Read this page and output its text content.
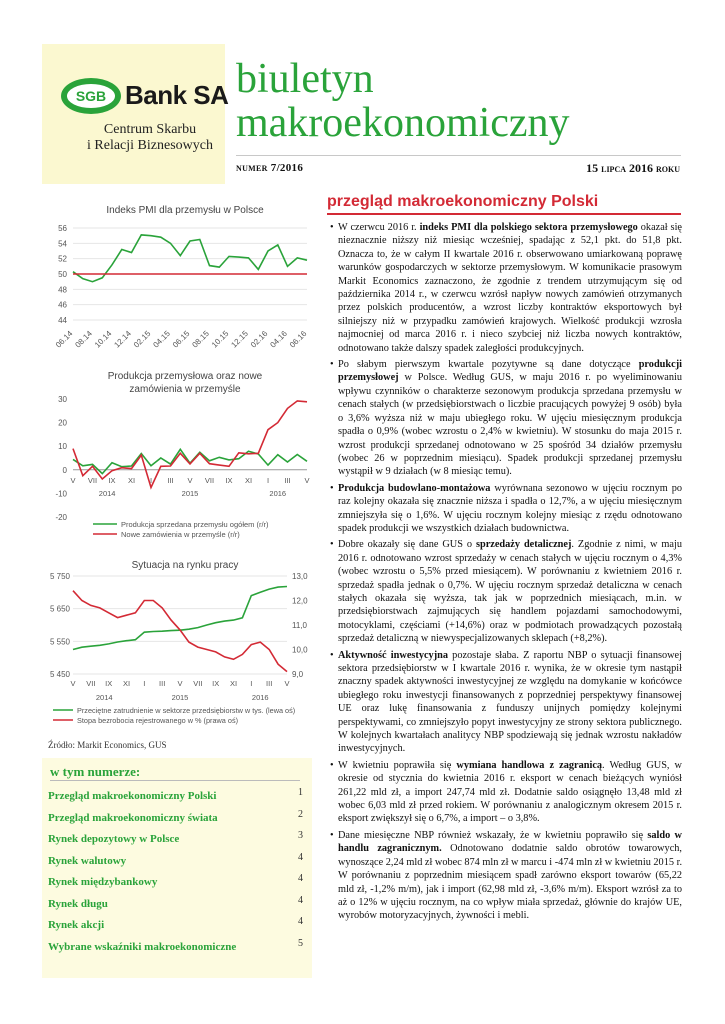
SGB Bank SA
Centrum Skarbu
i Relacji Biznesowych
biuletyn
makroekonomiczny
numer 7/2016	15 lipca 2016 roku
przegląd makroekonomiczny Polski
Indeks PMI dla przemysłu w Polsce
44
46
48
50
52
54
56
06.14
08.14
10.14
12.14
02.15
04.15
06.15
08.15
10.15
12.15
02.16
04.16
06.16
Produkcja przemysłowa oraz nowe
zamówienia w przemyśle
-20
-10
0
10
20
30
V VII IX XI I III V VII IX XI I III V
2014	2015	2016
Produkcja sprzedana przemysłu ogółem (r/r)
Nowe zamówienia w przemyśle (r/r)
Sytuacja na rynku pracy
5 450
5 550
5 650
5 750
9,0
10,0
11,0
12,0
13,0
V VII IX XI I III V VII IX XI I III V
2014	2015	2016
Przeciętne zatrudnienie w sektorze przedsiębiorstw w tys. (lewa oś)
Stopa bezrobocia rejestrowanego w % (prawa oś)
Źródło: Markit Economics, GUS
w tym numerze:
Przegląd makroekonomiczny Polski	1
Przegląd makroekonomiczny świata	2
Rynek depozytowy w Polsce	3
Rynek walutowy	4
Rynek międzybankowy	4
Rynek długu	4
Rynek akcji	4
Wybrane wskaźniki makroekonomiczne	5

• W czerwcu 2016 r. indeks PMI dla polskiego sektora przemysłowego okazał się nieznacznie niższy niż miesiąc wcześniej, spadając z 52,1 pkt. do 51,8 pkt. Oznacza to, że w całym II kwartale 2016 r. obserwowano umiarkowaną poprawę warunków gospodarczych w sektorze przemysłowym. W komunikacie prasowym Markit Economics zaznaczono, że zgodnie z trendem utrzymującym się od października 2014 r., w czerwcu wzrósł napływ nowych zamówień otrzymanych przez polskich producentów, a wzrost liczby kontraktów eksportowych był silniejszy niż w przypadku zamówień krajowych. Wielkość produkcji wzrosła najmocniej od marca 2016 r. i nieco szybciej niż liczba nowych kontraktów, odnotowano także dalszy spadek zaległości produkcyjnych.

• Po słabym pierwszym kwartale pozytywne są dane dotyczące produkcji przemysłowej w Polsce. Według GUS, w maju 2016 r. po wyeliminowaniu wpływu czynników o charakterze sezonowym produkcja sprzedana przemysłu w cenach stałych (w przedsiębiorstwach o liczbie pracujących powyżej 9 osób) była o 3,6% wyższa niż w maju ubiegłego roku. W ujęciu miesięcznym produkcja spadła o 0,9% (wobec wzrostu o 2,4% w kwietniu). W stosunku do maja 2015 r. wzrost produkcji sprzedanej odnotowano w 25 spośród 34 działów przemysłu (wobec 26 w poprzednim miesiącu). Spadek produkcji sprzedanej przemysłu wystąpił w 9 działach (w 8 miesiąc temu).

• Produkcja budowlano-montażowa wyrównana sezonowo w ujęciu rocznym po raz kolejny okazała się znacznie niższa i spadła o 12,7%, a w ujęciu miesięcznym zmniejszyła się o 1,6%. W ujęciu rocznym kolejny miesiąc z rzędu odnotowano spadek produkcji we wszystkich działach budownictwa.

• Dobre okazały się dane GUS o sprzedaży detalicznej. Zgodnie z nimi, w maju 2016 r. odnotowano wzrost sprzedaży w cenach stałych w ujęciu rocznym o 4,3% (wobec wzrostu o 5,5% przed miesiącem). W porównaniu z kwietniem 2016 r. sprzedaż spadła jednak o 0,7%. W ujęciu rocznym sprzedaż detaliczna w cenach stałych okazała się wyższa, tak jak w poprzednich miesiącach, m.in. w przedsiębiorstwach zajmujących się handlem pojazdami samochodowymi, motocyklami, częściami (+14,6%) oraz w podmiotach prowadzących pozostałą sprzedaż detaliczną w niewyspecjalizowanych sklepach (+8,2%).

• Aktywność inwestycyjna pozostaje słaba. Z raportu NBP o sytuacji finansowej sektora przedsiębiorstw w I kwartale 2016 r. wynika, że w okresie tym nastąpił znaczny spadek aktywności inwestycyjnej ze względu na domykanie w końcówce ubiegłego roku inwestycji finansowanych z poprzedniej perspektywy finansowej UE oraz lukę finansowania z funduszy unijnych pomiędzy kolejnymi perspektywami, co zmniejszyło popyt inwestycyjny ze strony sektora publicznego. W kolejnych kwartałach analitycy NBP spodziewają się jednak wzrostu nakładów inwestycyjnych.

• W kwietniu poprawiła się wymiana handlowa z zagranicą. Według GUS, w okresie od stycznia do kwietnia 2016 r. eksport w cenach bieżących wyniósł 261,22 mld zł, a import 247,74 mld zł. Dodatnie saldo osiągnęło 13,48 mld zł wobec 6,03 mld zł przed rokiem. W porównaniu z analogicznym okresem 2015 r. eksport zwiększył się o 6,7%, a import – o 3,8%.

• Dane miesięczne NBP również wskazały, że w kwietniu poprawiło się saldo w handlu zagranicznym. Odnotowano dodatnie saldo obrotów towarowych, wynoszące 2,24 mld zł wobec 874 mln zł w marcu i -474 mln zł w kwietniu 2015 r. W porównaniu z poprzednim miesiącem spadł zarówno eksport towarów (65,22 mld zł, -1,2% m/m), jak i import (62,98 mld zł, -3,6% m/m). Eksport wzrósł za to aż o 12% w ujęciu rocznym, na co wpływ miała sprzedaż, głównie do krajów UE, wyrobów motoryzacyjnych, żywności i mebli.
